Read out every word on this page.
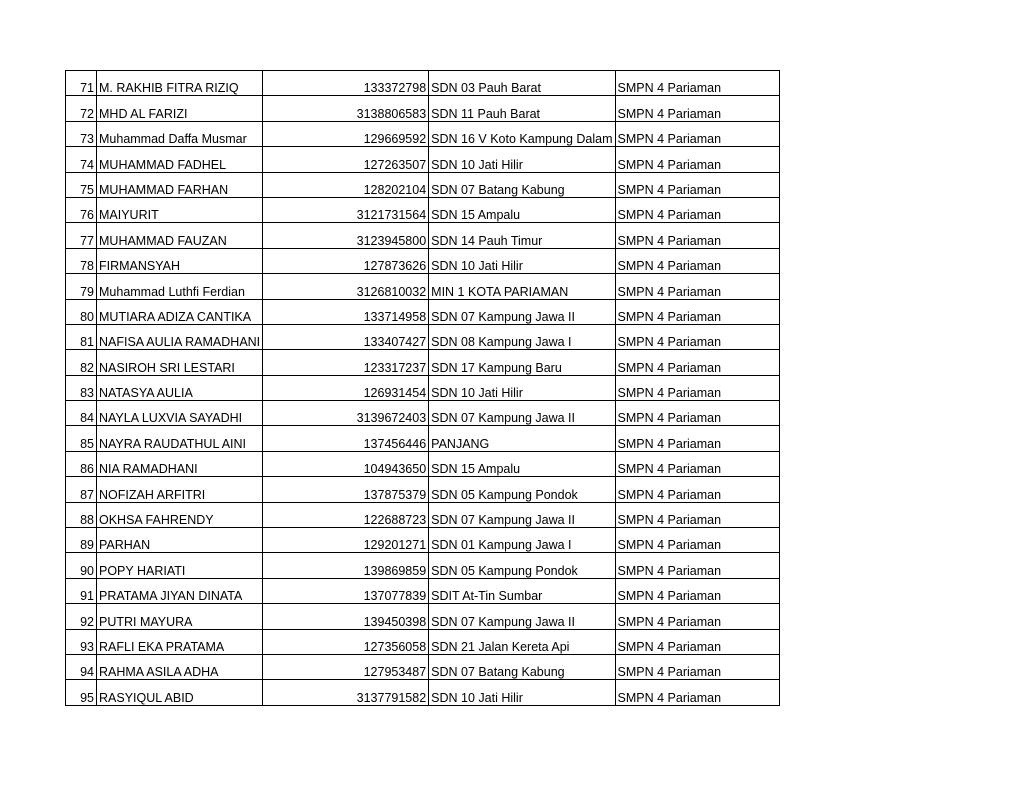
71	M. RAKHIB FITRA RIZIQ	133372798	SDN 03 Pauh Barat	SMPN 4 Pariaman
72	MHD AL FARIZI	3138806583	SDN 11 Pauh Barat	SMPN 4 Pariaman
73	Muhammad Daffa Musmar	129669592	SDN 16 V Koto Kampung Dalam	SMPN 4 Pariaman
74	MUHAMMAD FADHEL	127263507	SDN 10 Jati Hilir	SMPN 4 Pariaman
75	MUHAMMAD FARHAN	128202104	SDN 07 Batang Kabung	SMPN 4 Pariaman
76	MAIYURIT	3121731564	SDN 15 Ampalu	SMPN 4 Pariaman
77	MUHAMMAD FAUZAN	3123945800	SDN 14 Pauh Timur	SMPN 4 Pariaman
78	FIRMANSYAH	127873626	SDN 10 Jati Hilir	SMPN 4 Pariaman
79	Muhammad Luthfi Ferdian	3126810032	MIN 1 KOTA PARIAMAN	SMPN 4 Pariaman
80	MUTIARA ADIZA CANTIKA	133714958	SDN 07 Kampung Jawa II	SMPN 4 Pariaman
81	NAFISA AULIA RAMADHANI	133407427	SDN 08 Kampung Jawa I	SMPN 4 Pariaman
82	NASIROH SRI LESTARI	123317237	SDN 17 Kampung Baru	SMPN 4 Pariaman
83	NATASYA AULIA	126931454	SDN 10 Jati Hilir	SMPN 4 Pariaman
84	NAYLA LUXVIA SAYADHI	3139672403	SDN 07 Kampung Jawa II	SMPN 4 Pariaman
85	NAYRA RAUDATHUL AINI	137456446	PANJANG	SMPN 4 Pariaman
86	NIA RAMADHANI	104943650	SDN 15 Ampalu	SMPN 4 Pariaman
87	NOFIZAH ARFITRI	137875379	SDN 05 Kampung Pondok	SMPN 4 Pariaman
88	OKHSA FAHRENDY	122688723	SDN 07 Kampung Jawa II	SMPN 4 Pariaman
89	PARHAN	129201271	SDN 01 Kampung Jawa I	SMPN 4 Pariaman
90	POPY HARIATI	139869859	SDN 05 Kampung Pondok	SMPN 4 Pariaman
91	PRATAMA JIYAN DINATA	137077839	SDIT At-Tin Sumbar	SMPN 4 Pariaman
92	PUTRI MAYURA	139450398	SDN 07 Kampung Jawa II	SMPN 4 Pariaman
93	RAFLI EKA PRATAMA	127356058	SDN 21 Jalan Kereta Api	SMPN 4 Pariaman
94	RAHMA ASILA ADHA	127953487	SDN 07 Batang Kabung	SMPN 4 Pariaman
95	RASYIQUL ABID	3137791582	SDN 10 Jati Hilir	SMPN 4 Pariaman
